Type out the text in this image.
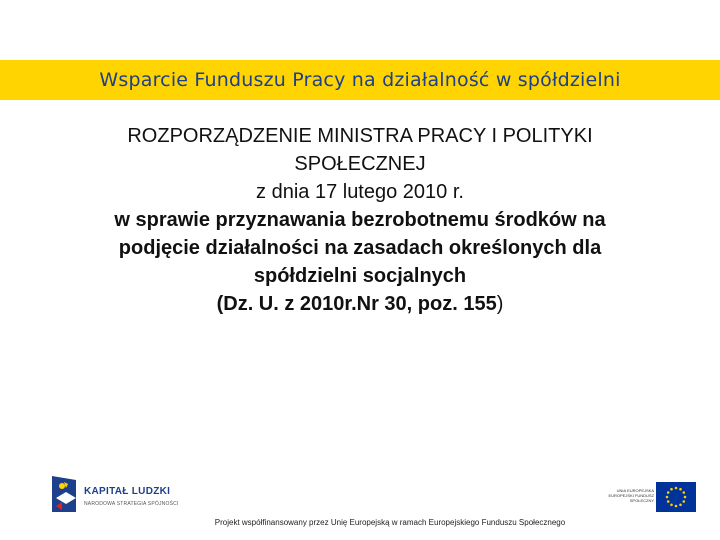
Wsparcie Funduszu Pracy na działalność w spółdzielni
ROZPORZĄDZENIE MINISTRA PRACY I POLITYKI
SPOŁECZNEJ
z dnia 17 lutego 2010 r.
w sprawie przyznawania bezrobotnemu środków na
podjęcie działalności na zasadach określonych dla
spółdzielni socjalnych
(Dz. U. z 2010r.Nr 30, poz. 155)
KAPITAŁ LUDZKI
NARODOWA STRATEGIA SPÓJNOŚCI
UNIA EUROPEJSKA EUROPEJSKI FUNDUSZ SPOŁECZNY
Projekt współfinansowany przez Unię Europejską w ramach Europejskiego Funduszu Społecznego
